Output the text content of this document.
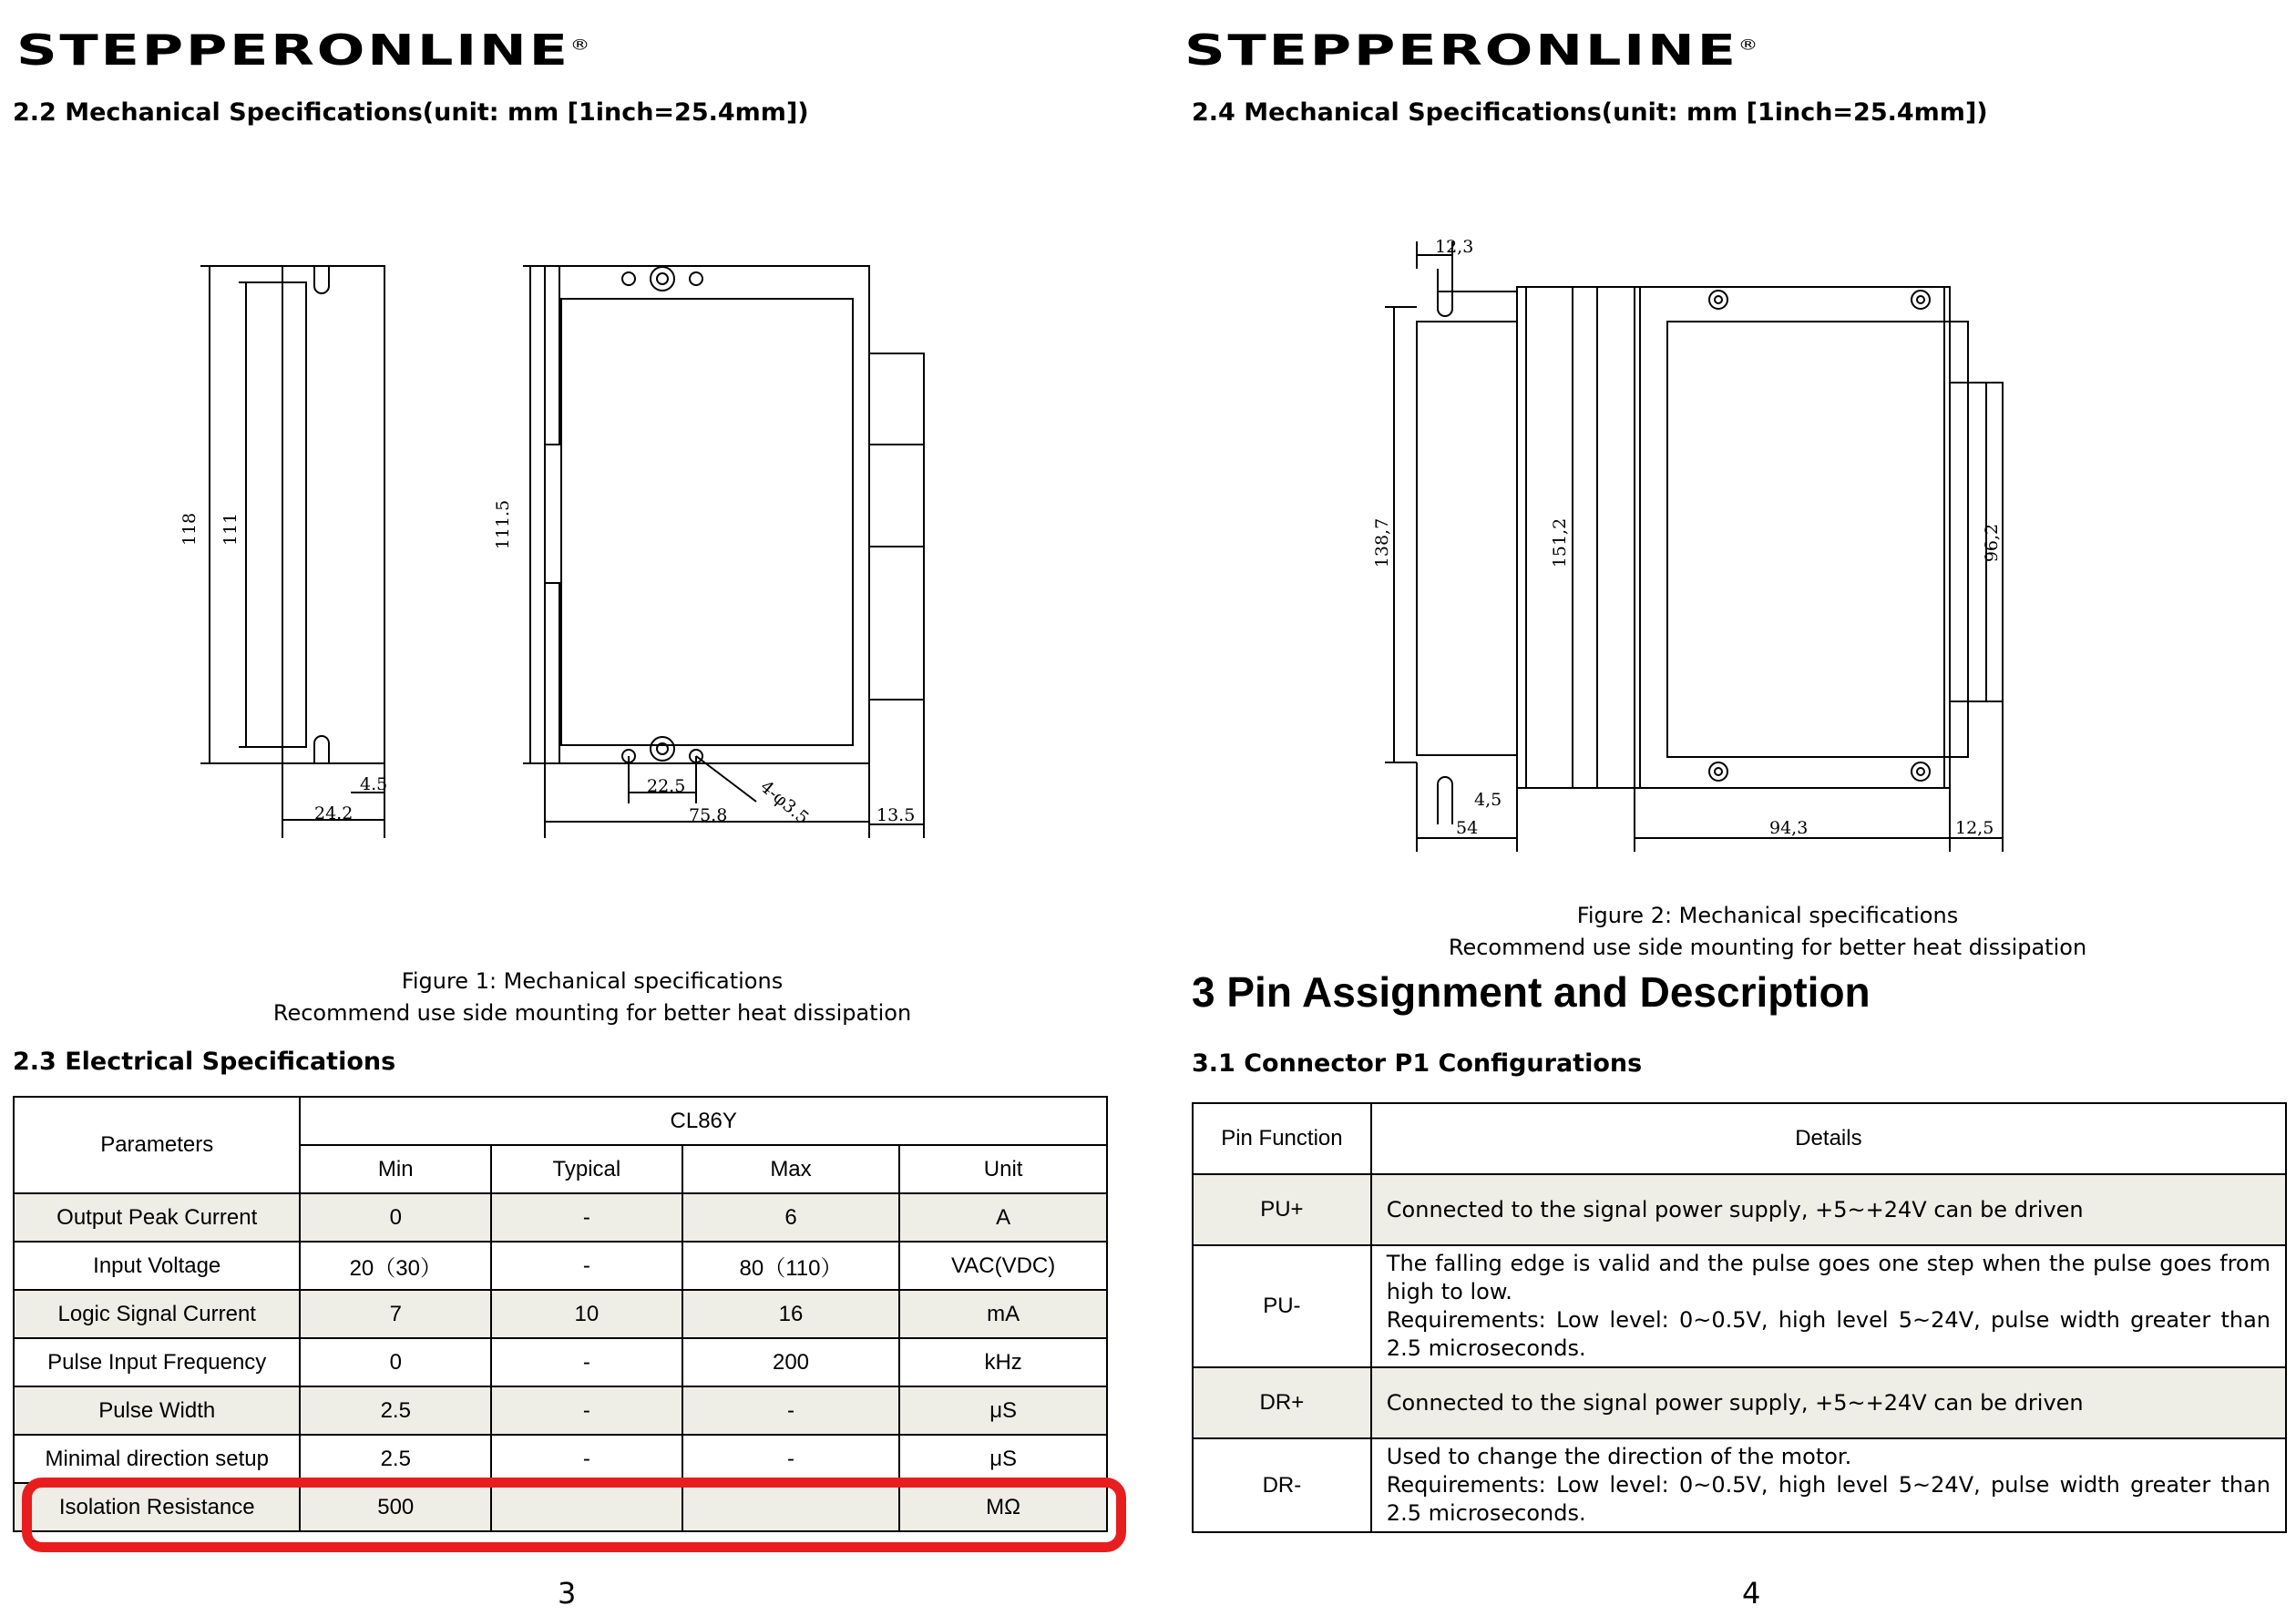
STEPPERONLINE®
2.2 Mechanical Specifications(unit: mm [1inch=25.4mm])
118 111	111.5
4.5
24.2
22.5
75.8 4-φ3.5	13.5
Figure 1: Mechanical specifications
Recommend use side mounting for better heat dissipation
2.3 Electrical Specifications
Parameters	CL86Y			
	Min	Typical	Max	Unit
Output Peak Current	0	-	6	A
Input Voltage	20（30）	-	80（110）	VAC(VDC)
Logic Signal Current	7	10	16	mA
Pulse Input Frequency	0	-	200	kHz
Pulse Width	2.5	-	-	μS
Minimal direction setup	2.5	-	-	μS
Isolation Resistance	500			MΩ
3
STEPPERONLINE®
2.4 Mechanical Specifications(unit: mm [1inch=25.4mm])
12,3
138,7	151,2	96,2
4,5
54	94,3	12,5
Figure 2: Mechanical specifications
Recommend use side mounting for better heat dissipation
3 Pin Assignment and Description
3.1 Connector P1 Configurations
Pin Function	Details
PU+	Connected to the signal power supply, +5~+24V can be driven
PU-	The falling edge is valid and the pulse goes one step when the pulse goes from high to low.
Requirements: Low level: 0~0.5V, high level 5~24V, pulse width greater than 2.5 microseconds.

DR+	Connected to the signal power supply, +5~+24V can be driven
DR-	Used to change the direction of the motor.
Requirements: Low level: 0~0.5V, high level 5~24V, pulse width greater than 2.5 microseconds.
4
